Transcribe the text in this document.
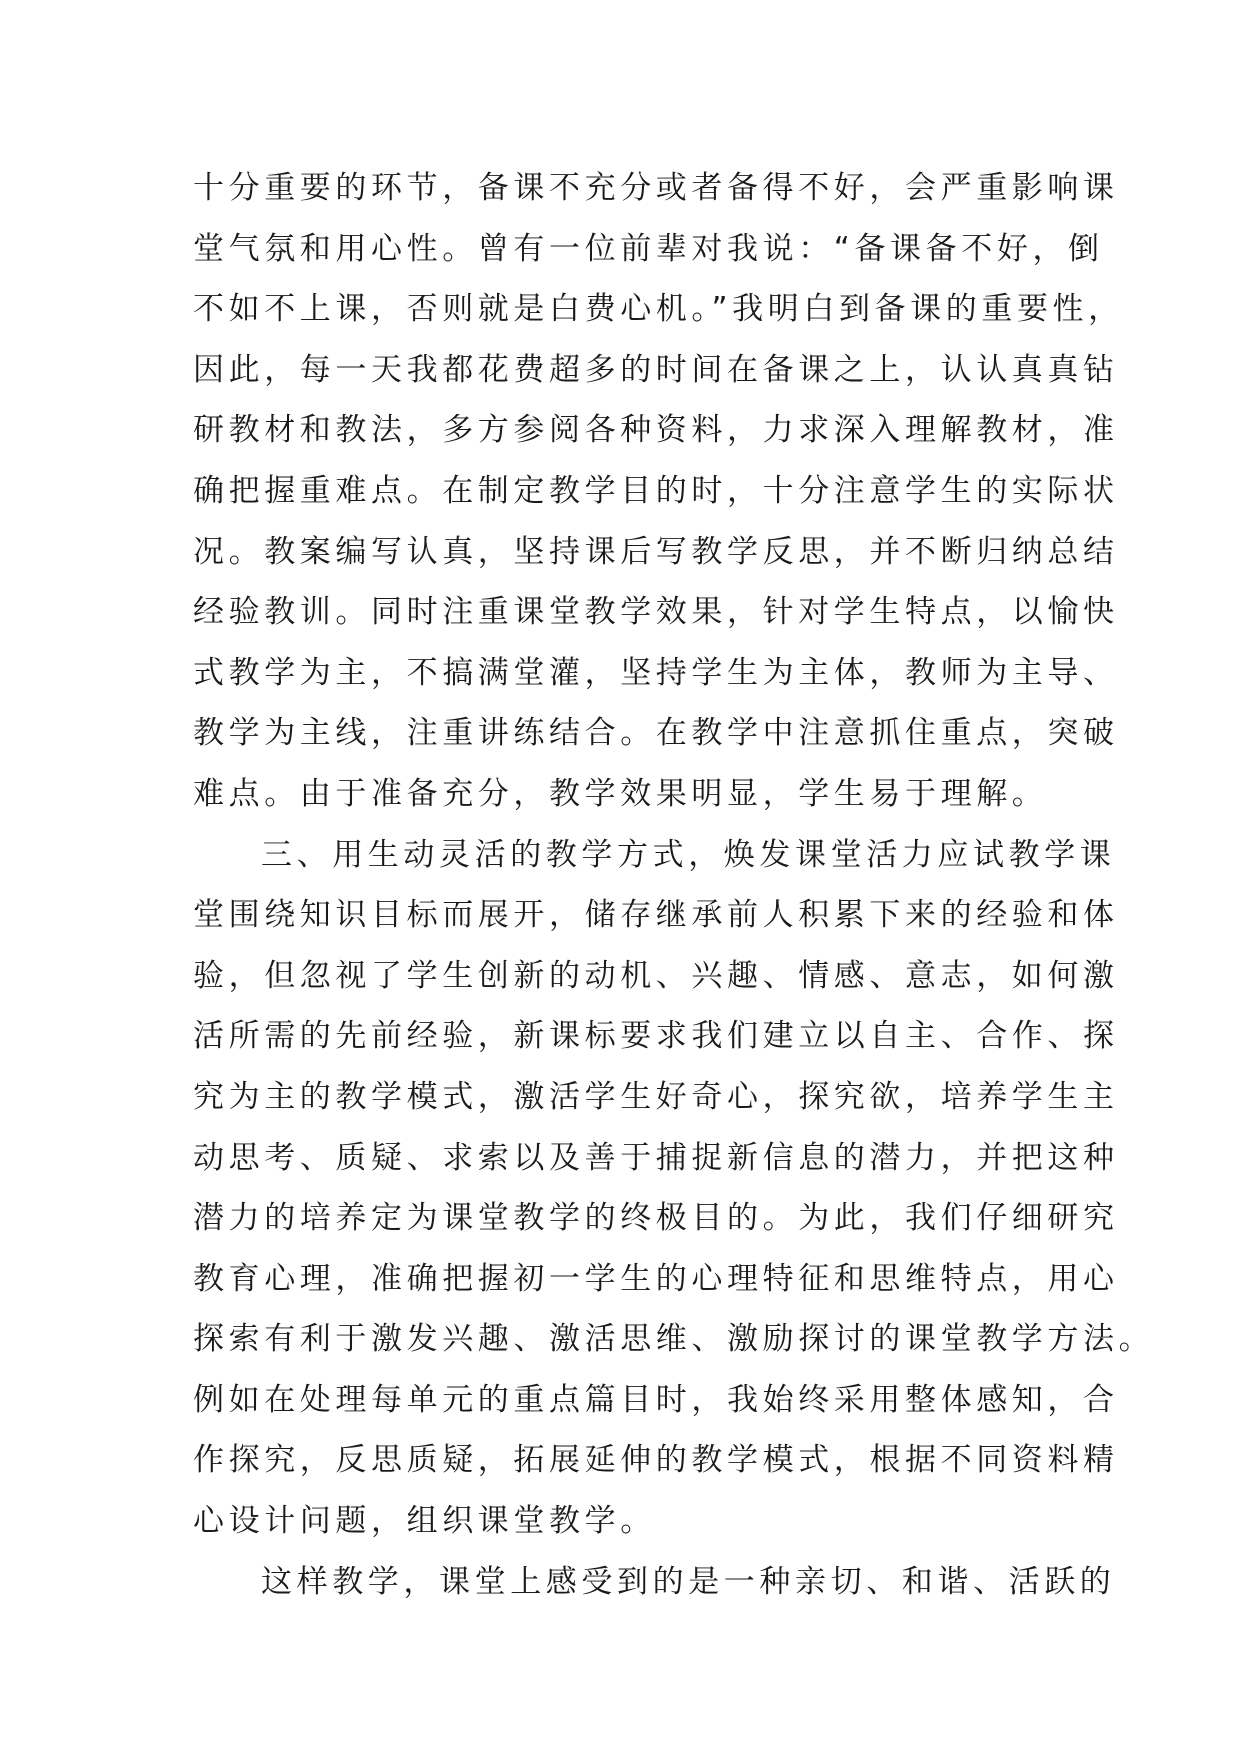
十分重要的环节，备课不充分或者备得不好，会严重影响课
堂气氛和用心性。曾有一位前辈对我说：“备课备不好，倒
不如不上课，否则就是白费心机。”我明白到备课的重要性，
因此，每一天我都花费超多的时间在备课之上，认认真真钻
研教材和教法，多方参阅各种资料，力求深入理解教材，准
确把握重难点。在制定教学目的时，十分注意学生的实际状
况。教案编写认真，坚持课后写教学反思，并不断归纳总结
经验教训。同时注重课堂教学效果，针对学生特点，以愉快
式教学为主，不搞满堂灌，坚持学生为主体，教师为主导、
教学为主线，注重讲练结合。在教学中注意抓住重点，突破
难点。由于准备充分，教学效果明显，学生易于理解。
三、用生动灵活的教学方式，焕发课堂活力应试教学课
堂围绕知识目标而展开，储存继承前人积累下来的经验和体
验，但忽视了学生创新的动机、兴趣、情感、意志，如何激
活所需的先前经验，新课标要求我们建立以自主、合作、探
究为主的教学模式，激活学生好奇心，探究欲，培养学生主
动思考、质疑、求索以及善于捕捉新信息的潜力，并把这种
潜力的培养定为课堂教学的终极目的。为此，我们仔细研究
教育心理，准确把握初一学生的心理特征和思维特点，用心
探索有利于激发兴趣、激活思维、激励探讨的课堂教学方法。
例如在处理每单元的重点篇目时，我始终采用整体感知，合
作探究，反思质疑，拓展延伸的教学模式，根据不同资料精
心设计问题，组织课堂教学。
这样教学，课堂上感受到的是一种亲切、和谐、活跃的
